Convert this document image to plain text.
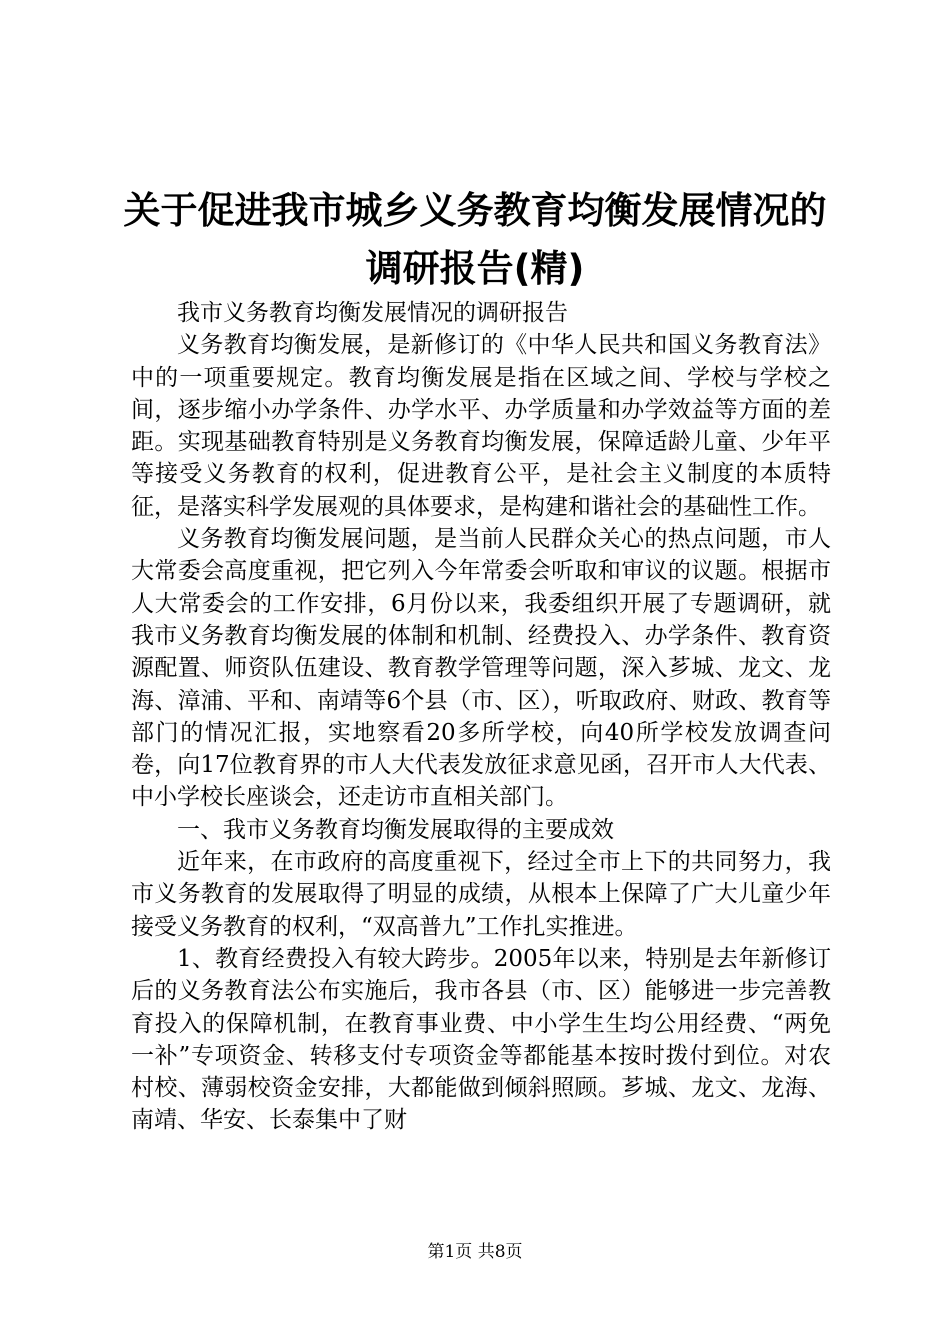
关于促进我市城乡义务教育均衡发展情况的调研报告(精)

我市义务教育均衡发展情况的调研报告

义务教育均衡发展，是新修订的《中华人民共和国义务教育法》中的一项重要规定。教育均衡发展是指在区域之间、学校与学校之间，逐步缩小办学条件、办学水平、办学质量和办学效益等方面的差距。实现基础教育特别是义务教育均衡发展，保障适龄儿童、少年平等接受义务教育的权利，促进教育公平，是社会主义制度的本质特征，是落实科学发展观的具体要求，是构建和谐社会的基础性工作。

义务教育均衡发展问题，是当前人民群众关心的热点问题，市人大常委会高度重视，把它列入今年常委会听取和审议的议题。根据市人大常委会的工作安排，6月份以来，我委组织开展了专题调研，就我市义务教育均衡发展的体制和机制、经费投入、办学条件、教育资源配置、师资队伍建设、教育教学管理等问题，深入芗城、龙文、龙海、漳浦、平和、南靖等6个县（市、区），听取政府、财政、教育等部门的情况汇报，实地察看20多所学校，向40所学校发放调查问卷，向17位教育界的市人大代表发放征求意见函，召开市人大代表、中小学校长座谈会，还走访市直相关部门。

一、我市义务教育均衡发展取得的主要成效

近年来，在市政府的高度重视下，经过全市上下的共同努力，我市义务教育的发展取得了明显的成绩，从根本上保障了广大儿童少年接受义务教育的权利，“双高普九”工作扎实推进。

1、教育经费投入有较大跨步。2005年以来，特别是去年新修订后的义务教育法公布实施后，我市各县（市、区）能够进一步完善教育投入的保障机制，在教育事业费、中小学生生均公用经费、“两免一补”专项资金、转移支付专项资金等都能基本按时拨付到位。对农村校、薄弱校资金安排，大都能做到倾斜照顾。芗城、龙文、龙海、南靖、华安、长泰集中了财

第1页 共8页
